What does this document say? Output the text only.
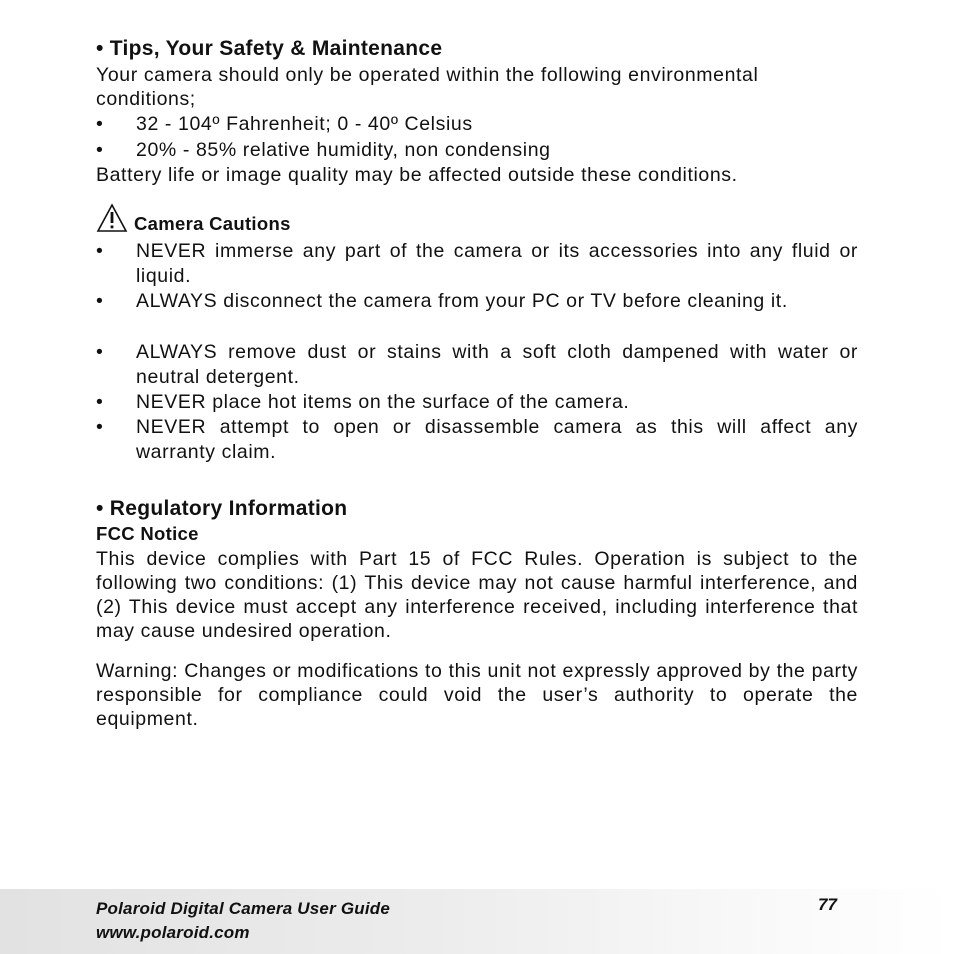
• Tips, Your Safety & Maintenance
Your camera should only be operated within the following environmental conditions;
•	32 - 104º Fahrenheit; 0 - 40º Celsius
•	20% - 85% relative humidity, non condensing
Battery life or image quality may be affected outside these conditions.
Camera Cautions
•	NEVER immerse any part of the camera or its accessories into any fluid or liquid.
•	ALWAYS disconnect the camera from your PC or TV before cleaning it.
•	ALWAYS remove dust or stains with a soft cloth dampened with water or neutral detergent.
•	NEVER place hot items on the surface of the camera.
•	NEVER attempt to open or disassemble camera as this will affect any warranty claim.
• Regulatory Information
FCC Notice
This device complies with Part 15 of FCC Rules. Operation is subject to the following two conditions: (1) This device may not cause harmful interference, and (2) This device must accept any interference received, including interference that may cause undesired operation.
Warning: Changes or modifications to this unit not expressly approved by the party responsible for compliance could void the user’s authority to operate the equipment.
Polaroid Digital Camera User Guide
www.polaroid.com
77
